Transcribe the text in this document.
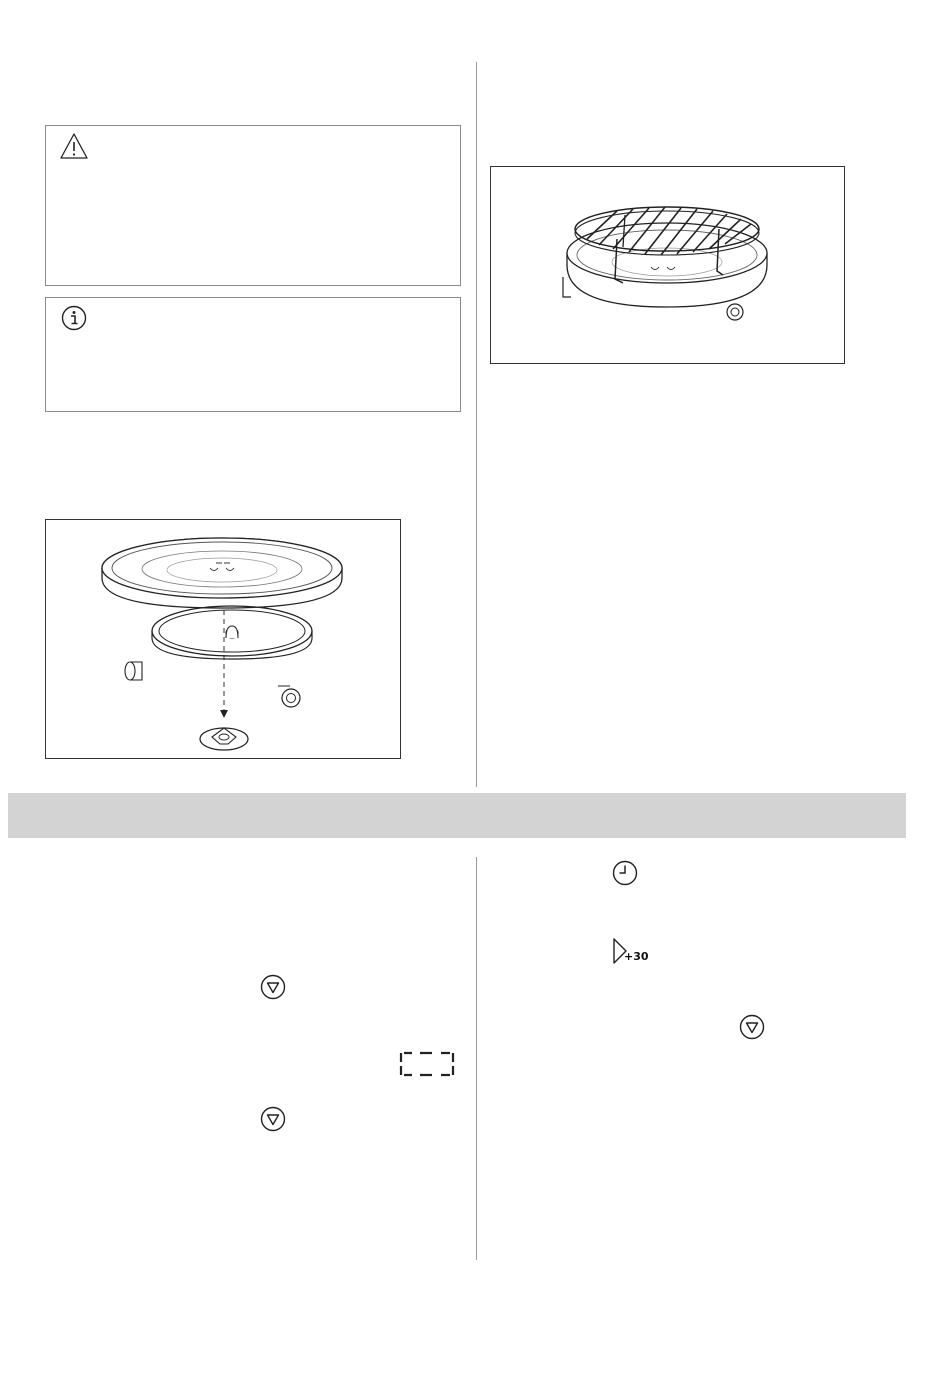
+30
